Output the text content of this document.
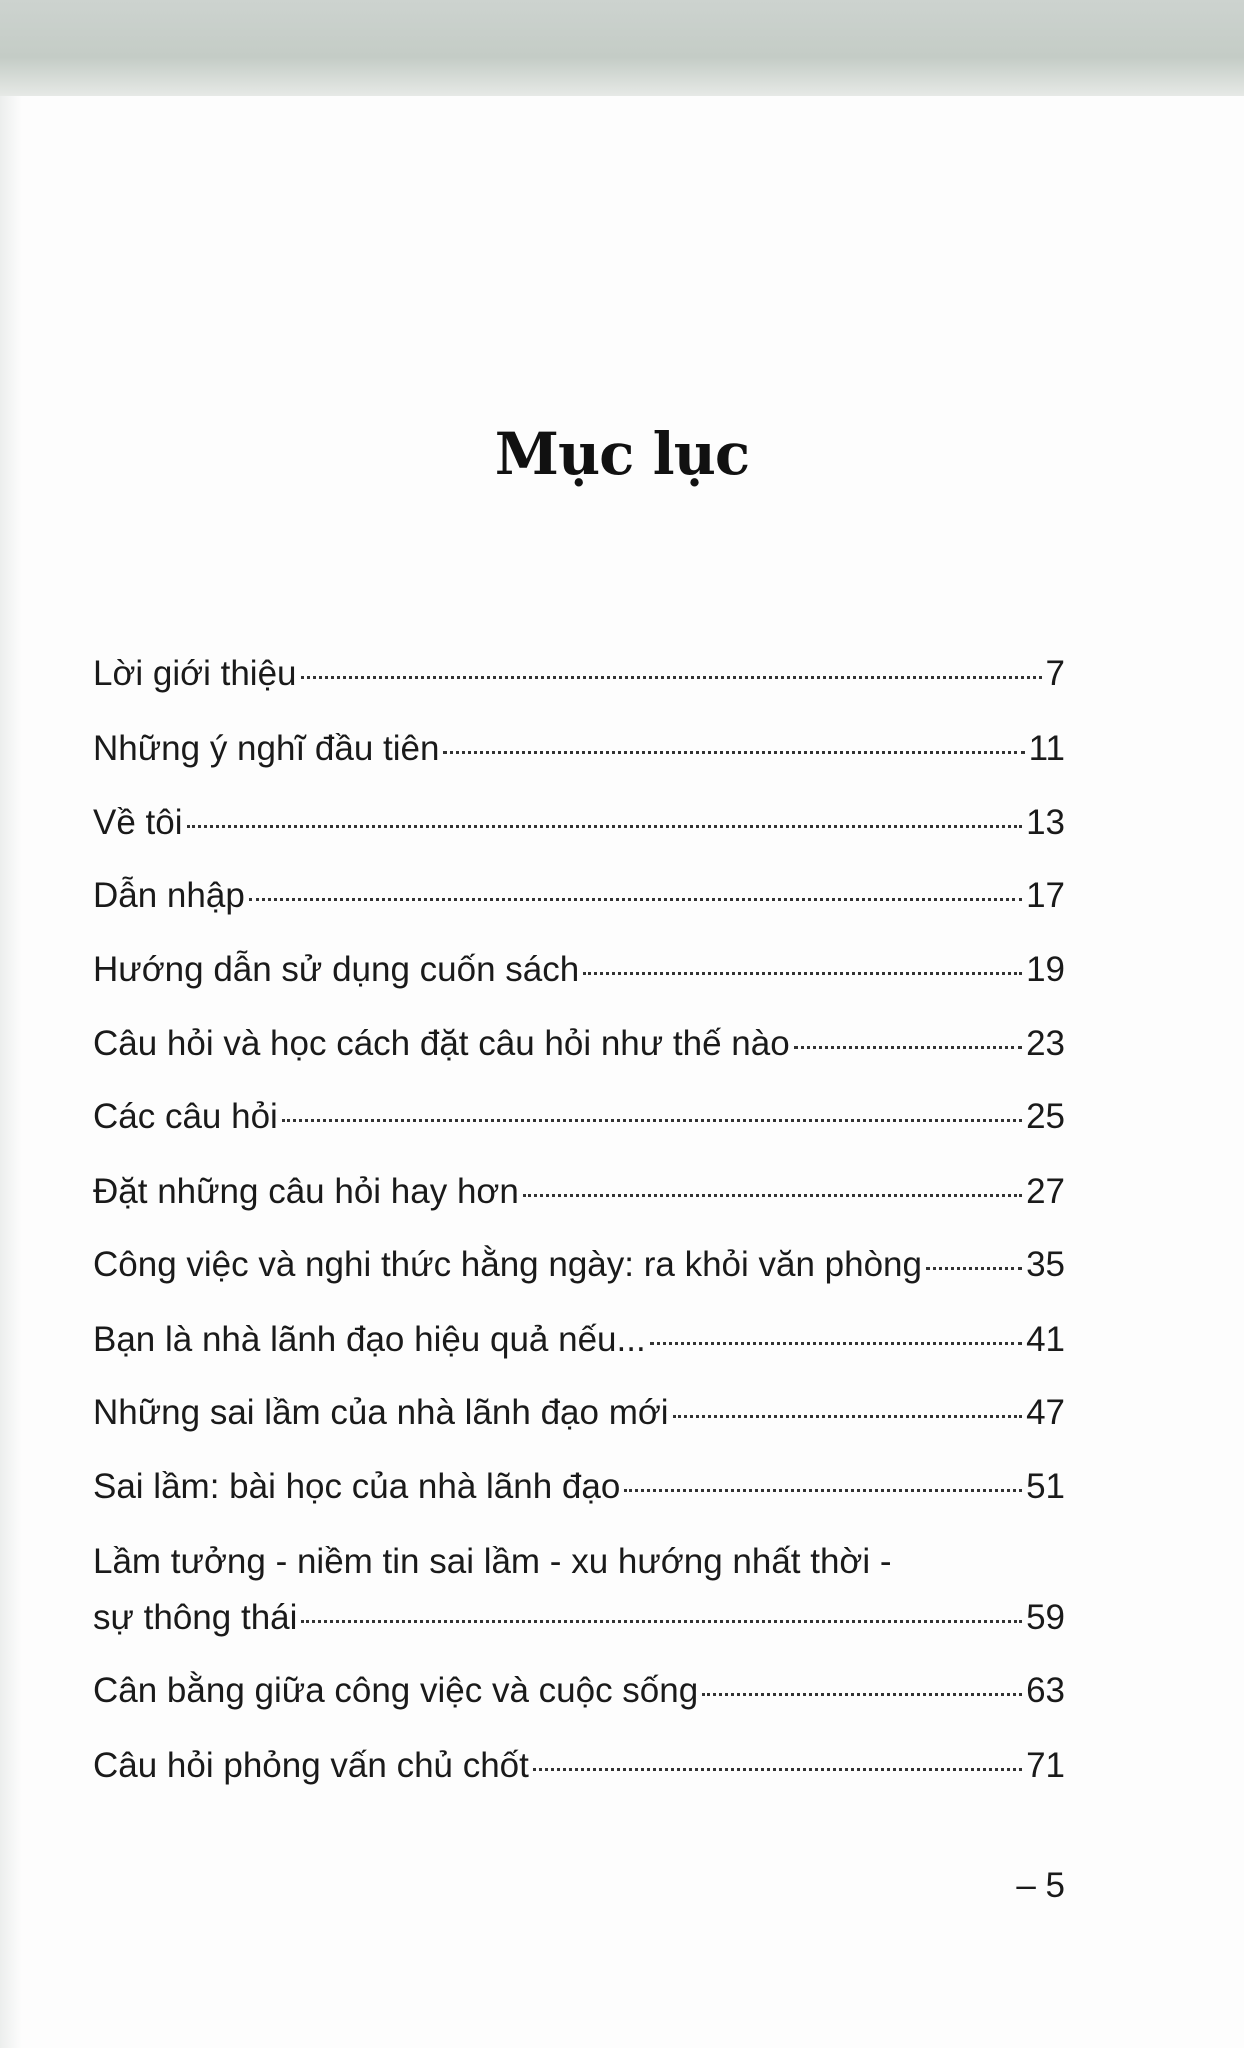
Mục lục
Lời giới thiệu	7
Những ý nghĩ đầu tiên	11
Về tôi	13
Dẫn nhập	17
Hướng dẫn sử dụng cuốn sách	19
Câu hỏi và học cách đặt câu hỏi như thế nào	23
Các câu hỏi	25
Đặt những câu hỏi hay hơn	27
Công việc và nghi thức hằng ngày: ra khỏi văn phòng	35
Bạn là nhà lãnh đạo hiệu quả nếu...	41
Những sai lầm của nhà lãnh đạo mới	47
Sai lầm: bài học của nhà lãnh đạo	51
Lầm tưởng - niềm tin sai lầm - xu hướng nhất thời -
sự thông thái	59
Cân bằng giữa công việc và cuộc sống	63
Câu hỏi phỏng vấn chủ chốt	71
– 5
